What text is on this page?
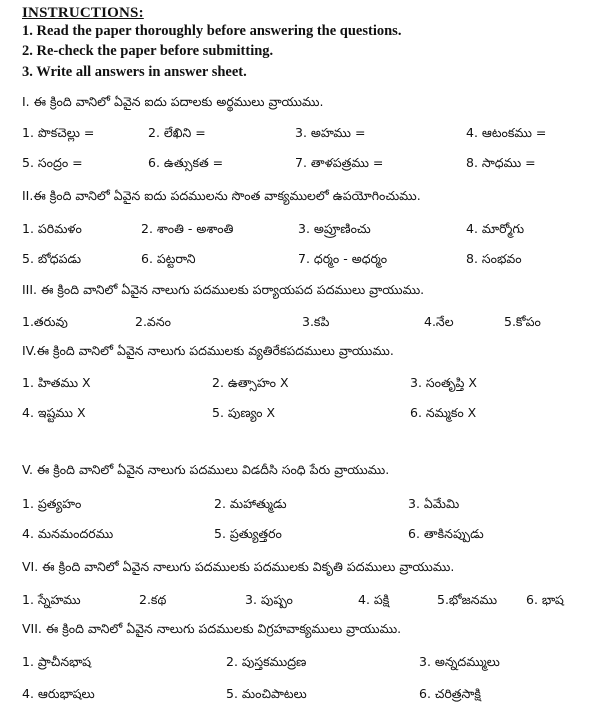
INSTRUCTIONS:
1. Read the paper thoroughly before answering the questions.
2. Re-check the paper before submitting.
3. Write all answers in answer sheet.
I. ఈ క్రింది వానిలో ఏవైన ఐదు పదాలకు అర్థములు వ్రాయుము.
1. పొకచెల్లు =	2. లేఖిని =	3. అహము =	4. ఆటంకము =
5. సంద్రం =	6. ఉత్సుకత =	7. తాళపత్రము =	8. సాధము =
II.ఈ క్రింది వానిలో ఏవైన ఐదు పదములను సొంత వాక్యములలో ఉపయోగించుము.
1. పరిమళం	2. శాంతి - అశాంతి	3. అప్రూణించు	4. మార్మోగు
5. బోధపడు	6. పట్టరాని	7. ధర్మం - అధర్మం	8. సంభవం
III. ఈ క్రింది వానిలో ఏవైన నాలుగు పదములకు పర్యాయపద పదములు వ్రాయుము.
1.తరువు	2.వనం	3.కపి	4.నేల	5.కోపం
IV.ఈ క్రింది వానిలో ఏవైన నాలుగు పదములకు వ్యతిరేకపదములు వ్రాయుము.
1. హితము X	2. ఉత్సాహం X	3. సంతృప్తి X
4. ఇష్టము X	5. పుణ్యం X	6. నమ్మకం X
V. ఈ క్రింది వానిలో ఏవైన నాలుగు పదములు విడదీసి సంధి పేరు వ్రాయుము.
1. ప్రత్యహం	2. మహాత్ముడు	3. ఏమేమి
4. మనమందరము	5. ప్రత్యుత్తరం	6. తాకినప్పుడు
VI. ఈ క్రింది వానిలో ఏవైన నాలుగు పదములకు పదములకు వికృతి పదములు వ్రాయుము.
1. స్నేహము	2.కథ	3. పుష్పం	4. పక్షి	5.భోజనము 6. భాష
VII. ఈ క్రింది వానిలో ఏవైన నాలుగు పదములకు విగ్రహవాక్యములు వ్రాయుము.
1. ప్రాచీనభాష	2. పుస్తకముద్రణ	3. అన్నదమ్ములు
4. ఆరుభాషలు	5. మంచిపాటలు	6. చరిత్రసాక్షి
